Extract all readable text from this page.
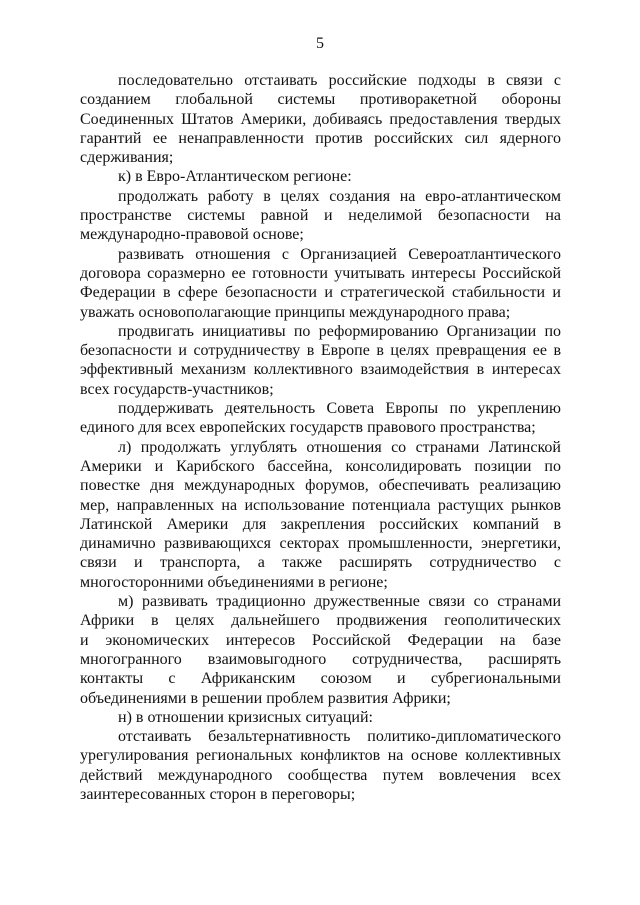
5
последовательно отстаивать российские подходы в связи с
созданием глобальной системы противоракетной обороны
Соединенных Штатов Америки, добиваясь предоставления твердых
гарантий ее ненаправленности против российских сил ядерного
сдерживания;
к) в Евро-Атлантическом регионе:
продолжать работу в целях создания на евро-атлантическом
пространстве системы равной и неделимой безопасности на
международно-правовой основе;
развивать отношения с Организацией Североатлантического
договора соразмерно ее готовности учитывать интересы Российской
Федерации в сфере безопасности и стратегической стабильности и
уважать основополагающие принципы международного права;
продвигать инициативы по реформированию Организации по
безопасности и сотрудничеству в Европе в целях превращения ее в
эффективный механизм коллективного взаимодействия в интересах
всех государств-участников;
поддерживать деятельность Совета Европы по укреплению
единого для всех европейских государств правового пространства;
л) продолжать углублять отношения со странами Латинской
Америки и Карибского бассейна, консолидировать позиции по
повестке дня международных форумов, обеспечивать реализацию
мер, направленных на использование потенциала растущих рынков
Латинской Америки для закрепления российских компаний в
динамично развивающихся секторах промышленности, энергетики,
связи и транспорта, а также расширять сотрудничество с
многосторонними объединениями в регионе;
м) развивать традиционно дружественные связи со странами
Африки в целях дальнейшего продвижения геополитических
и экономических интересов Российской Федерации на базе
многогранного взаимовыгодного сотрудничества, расширять
контакты с Африканским союзом и субрегиональными
объединениями в решении проблем развития Африки;
н) в отношении кризисных ситуаций:
отстаивать безальтернативность политико-дипломатического
урегулирования региональных конфликтов на основе коллективных
действий международного сообщества путем вовлечения всех
заинтересованных сторон в переговоры;
